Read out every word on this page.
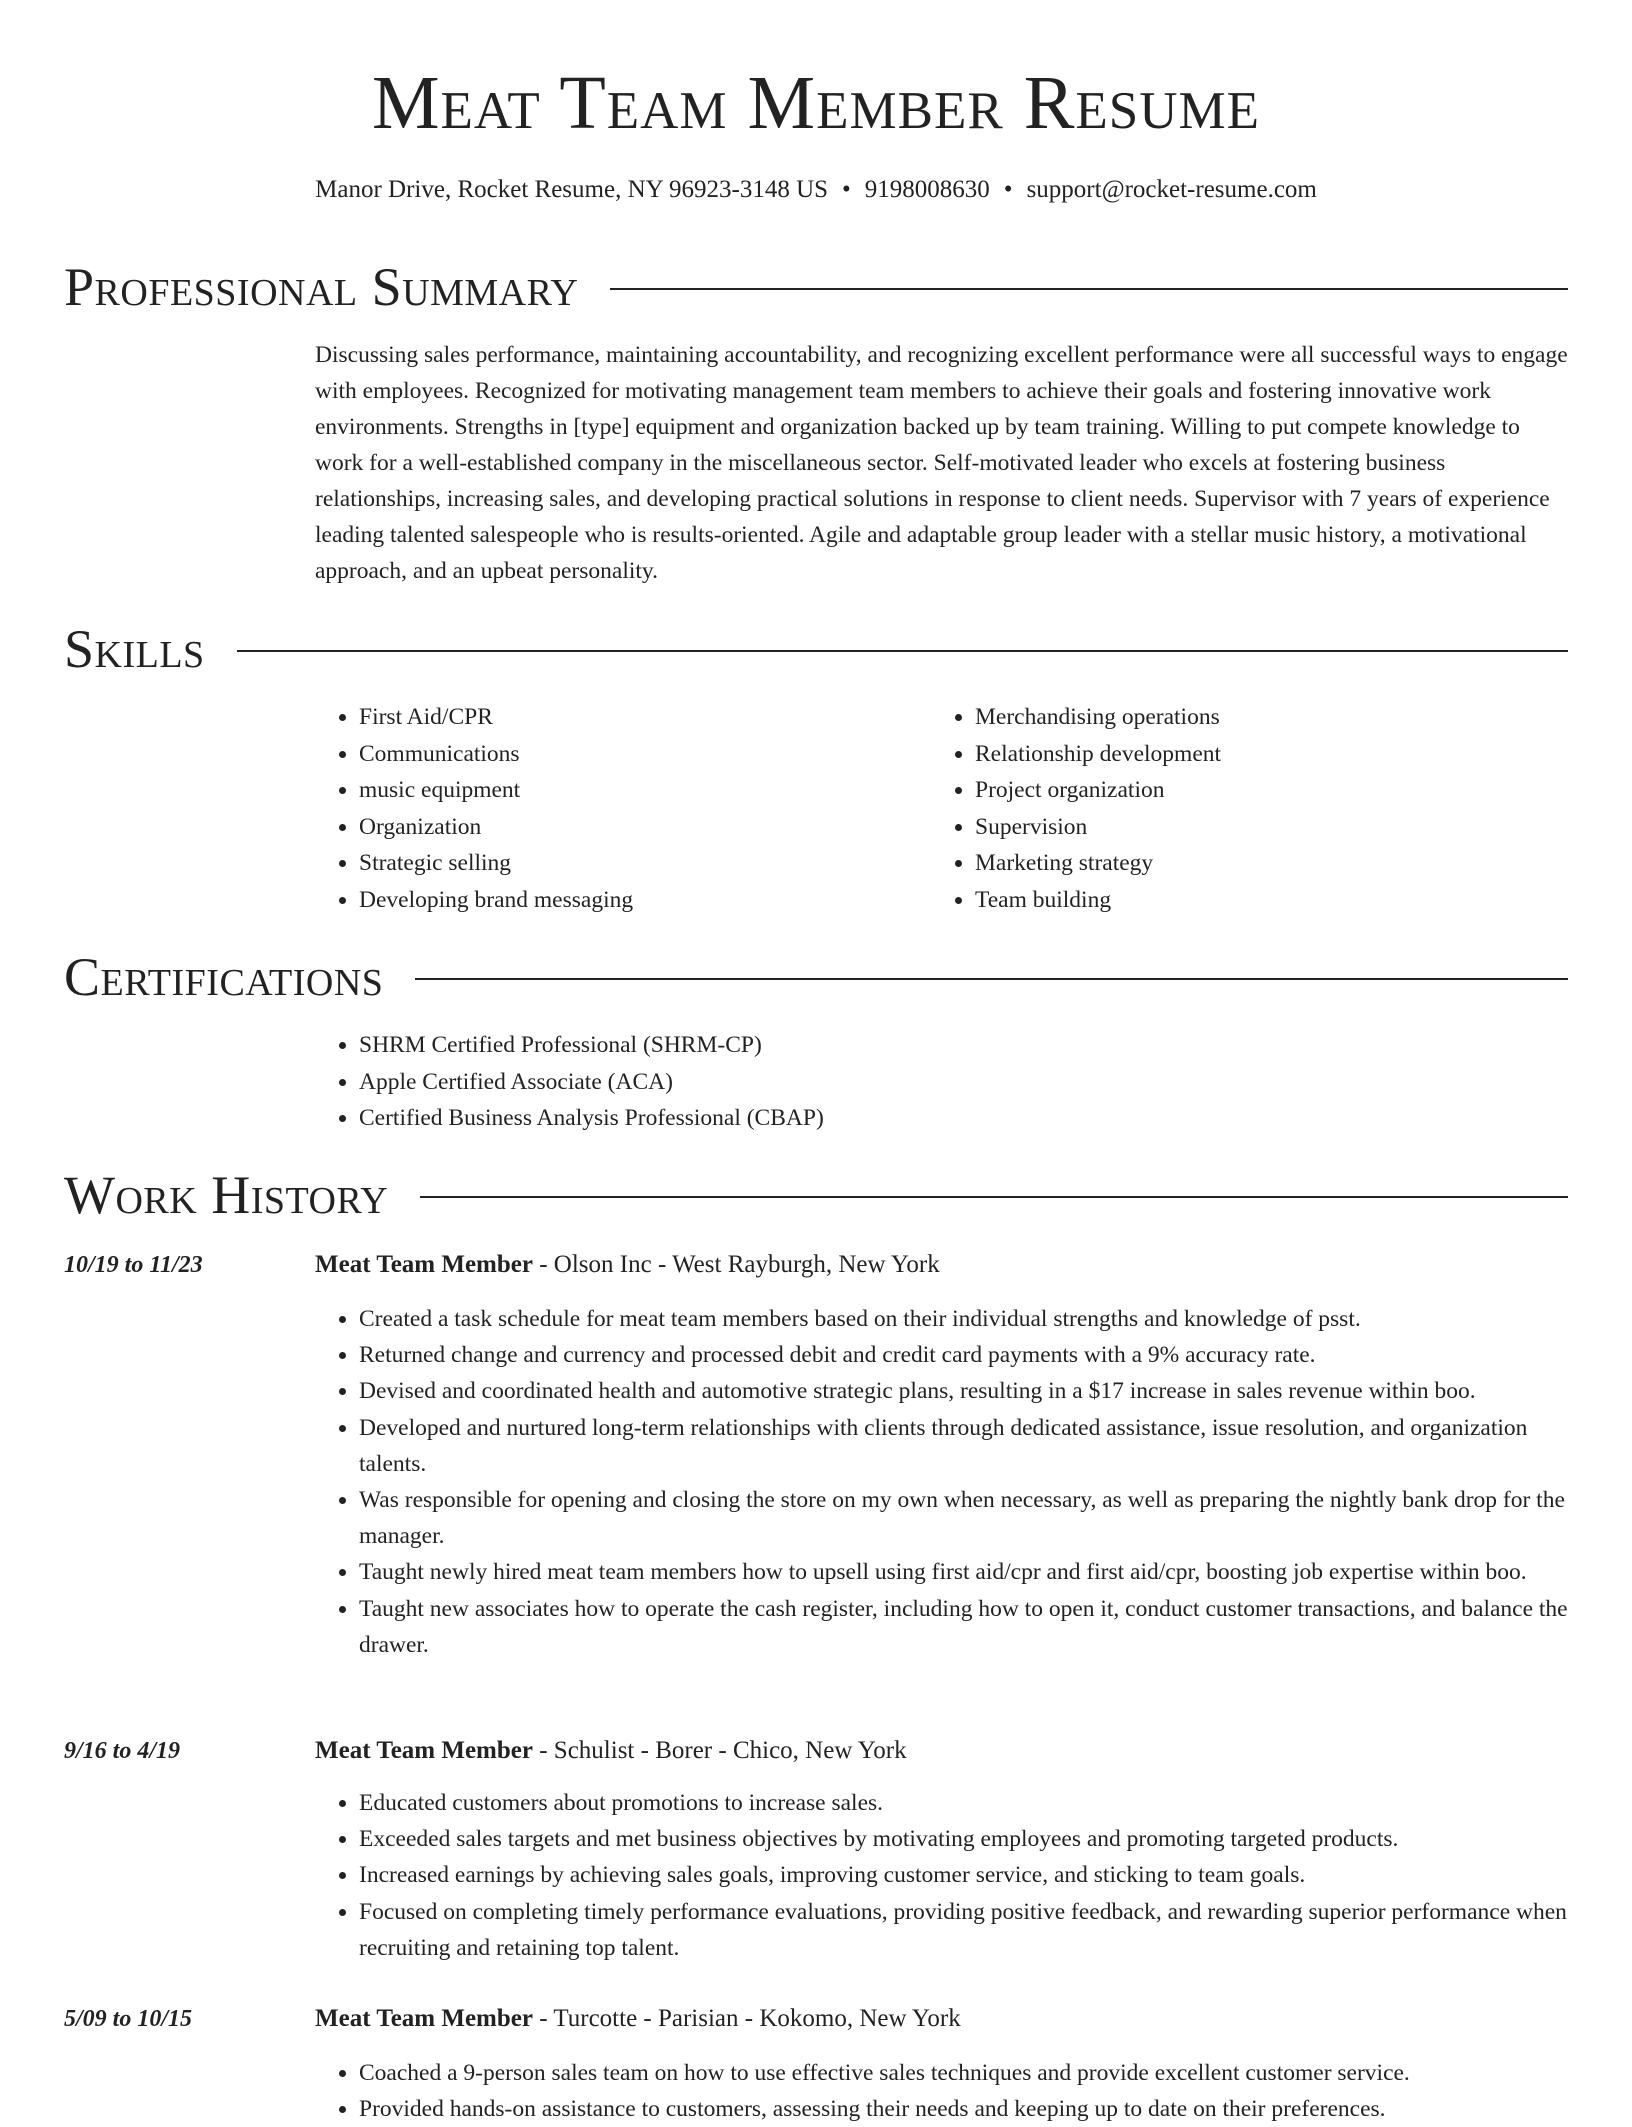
Meat Team Member Resume
Manor Drive, Rocket Resume, NY 96923-3148 US • 9198008630 • support@rocket-resume.com
Professional Summary

Discussing sales performance, maintaining accountability, and recognizing excellent performance were all successful ways to engage with employees. Recognized for motivating management team members to achieve their goals and fostering innovative work environments. Strengths in [type] equipment and organization backed up by team training. Willing to put compete knowledge to work for a well-established company in the miscellaneous sector. Self-motivated leader who excels at fostering business relationships, increasing sales, and developing practical solutions in response to client needs. Supervisor with 7 years of experience leading talented salespeople who is results-oriented. Agile and adaptable group leader with a stellar music history, a motivational approach, and an upbeat personality.

Skills
• First Aid/CPR
• Communications
• music equipment
• Organization
• Strategic selling
• Developing brand messaging
• Merchandising operations
• Relationship development
• Project organization
• Supervision
• Marketing strategy
• Team building
Certifications
• SHRM Certified Professional (SHRM-CP)
• Apple Certified Associate (ACA)
• Certified Business Analysis Professional (CBAP)
Work History
10/19 to 11/23	Meat Team Member - Olson Inc - West Rayburgh, New York
• Created a task schedule for meat team members based on their individual strengths and knowledge of psst.
• Returned change and currency and processed debit and credit card payments with a 9% accuracy rate.
• Devised and coordinated health and automotive strategic plans, resulting in a $17 increase in sales revenue within boo.
• Developed and nurtured long-term relationships with clients through dedicated assistance, issue resolution, and organization talents.
• Was responsible for opening and closing the store on my own when necessary, as well as preparing the nightly bank drop for the manager.
• Taught newly hired meat team members how to upsell using first aid/cpr and first aid/cpr, boosting job expertise within boo.
• Taught new associates how to operate the cash register, including how to open it, conduct customer transactions, and balance the drawer.
9/16 to 4/19	Meat Team Member - Schulist - Borer - Chico, New York
• Educated customers about promotions to increase sales.
• Exceeded sales targets and met business objectives by motivating employees and promoting targeted products.
• Increased earnings by achieving sales goals, improving customer service, and sticking to team goals.
• Focused on completing timely performance evaluations, providing positive feedback, and rewarding superior performance when recruiting and retaining top talent.
5/09 to 10/15	Meat Team Member - Turcotte - Parisian - Kokomo, New York
• Coached a 9-person sales team on how to use effective sales techniques and provide excellent customer service.
• Provided hands-on assistance to customers, assessing their needs and keeping up to date on their preferences.
